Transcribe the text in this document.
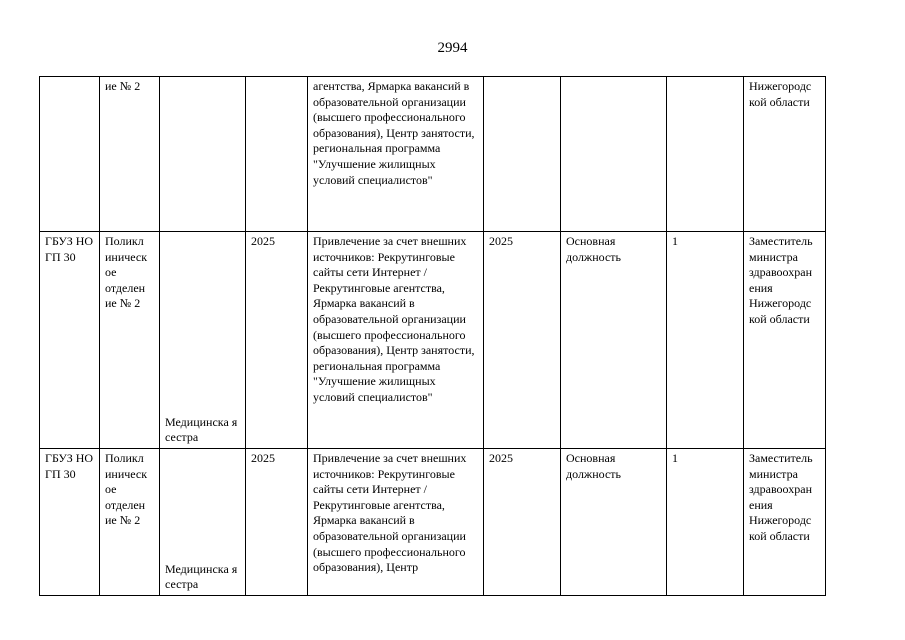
2994
	ие № 2			агентства, Ярмарка вакансий в образовательной организации (высшего профессионального образования), Центр занятости, региональная программа "Улучшение жилищных условий специалистов"				Нижегородс кой области
ГБУЗ НО ГП 30	Поликл иническ ое отделен ие № 2	Медицинска я сестра	2025	Привлечение за счет внешних источников: Рекрутинговые сайты сети Интернет / Рекрутинговые агентства, Ярмарка вакансий в образовательной организации (высшего профессионального образования), Центр занятости, региональная программа "Улучшение жилищных условий специалистов"	2025	Основная должность	1	Заместитель министра здравоохран ения Нижегородс кой области
ГБУЗ НО ГП 30	Поликл иническ ое отделен ие № 2	Медицинска я сестра	2025	Привлечение за счет внешних источников: Рекрутинговые сайты сети Интернет / Рекрутинговые агентства, Ярмарка вакансий в образовательной организации (высшего профессионального образования), Центр	2025	Основная должность	1	Заместитель министра здравоохран ения Нижегородс кой области
